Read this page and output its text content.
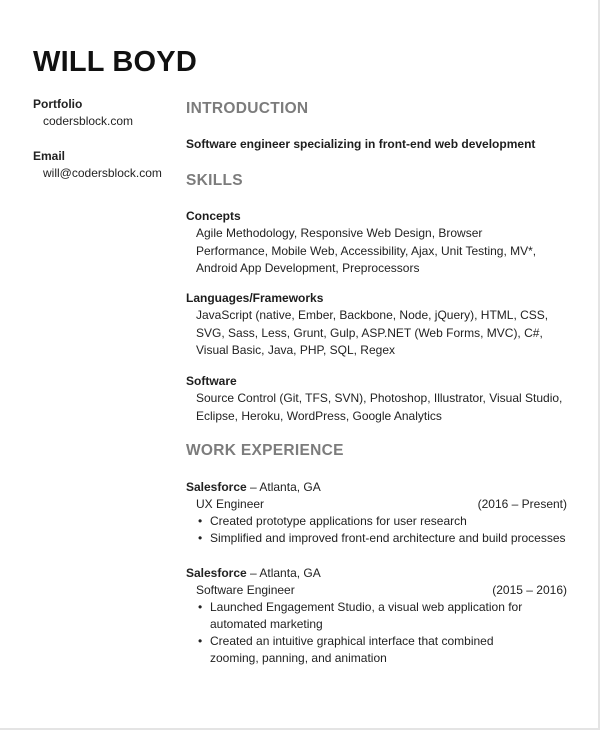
WILL BOYD
Portfolio
codersblock.com
Email
will@codersblock.com
INTRODUCTION
Software engineer specializing in front-end web development
SKILLS
Concepts
Agile Methodology, Responsive Web Design, Browser Performance, Mobile Web, Accessibility, Ajax, Unit Testing, MV*, Android App Development, Preprocessors
Languages/Frameworks
JavaScript (native, Ember, Backbone, Node, jQuery), HTML, CSS, SVG, Sass, Less, Grunt, Gulp, ASP.NET (Web Forms, MVC), C#, Visual Basic, Java, PHP, SQL, Regex
Software
Source Control (Git, TFS, SVN), Photoshop, Illustrator, Visual Studio, Eclipse, Heroku, WordPress, Google Analytics
WORK EXPERIENCE
Salesforce – Atlanta, GA
UX Engineer	(2016 – Present)
• Created prototype applications for user research
• Simplified and improved front-end architecture and build processes
Salesforce – Atlanta, GA
Software Engineer	(2015 – 2016)
• Launched Engagement Studio, a visual web application for automated marketing
• Created an intuitive graphical interface that combined zooming, panning, and animation
